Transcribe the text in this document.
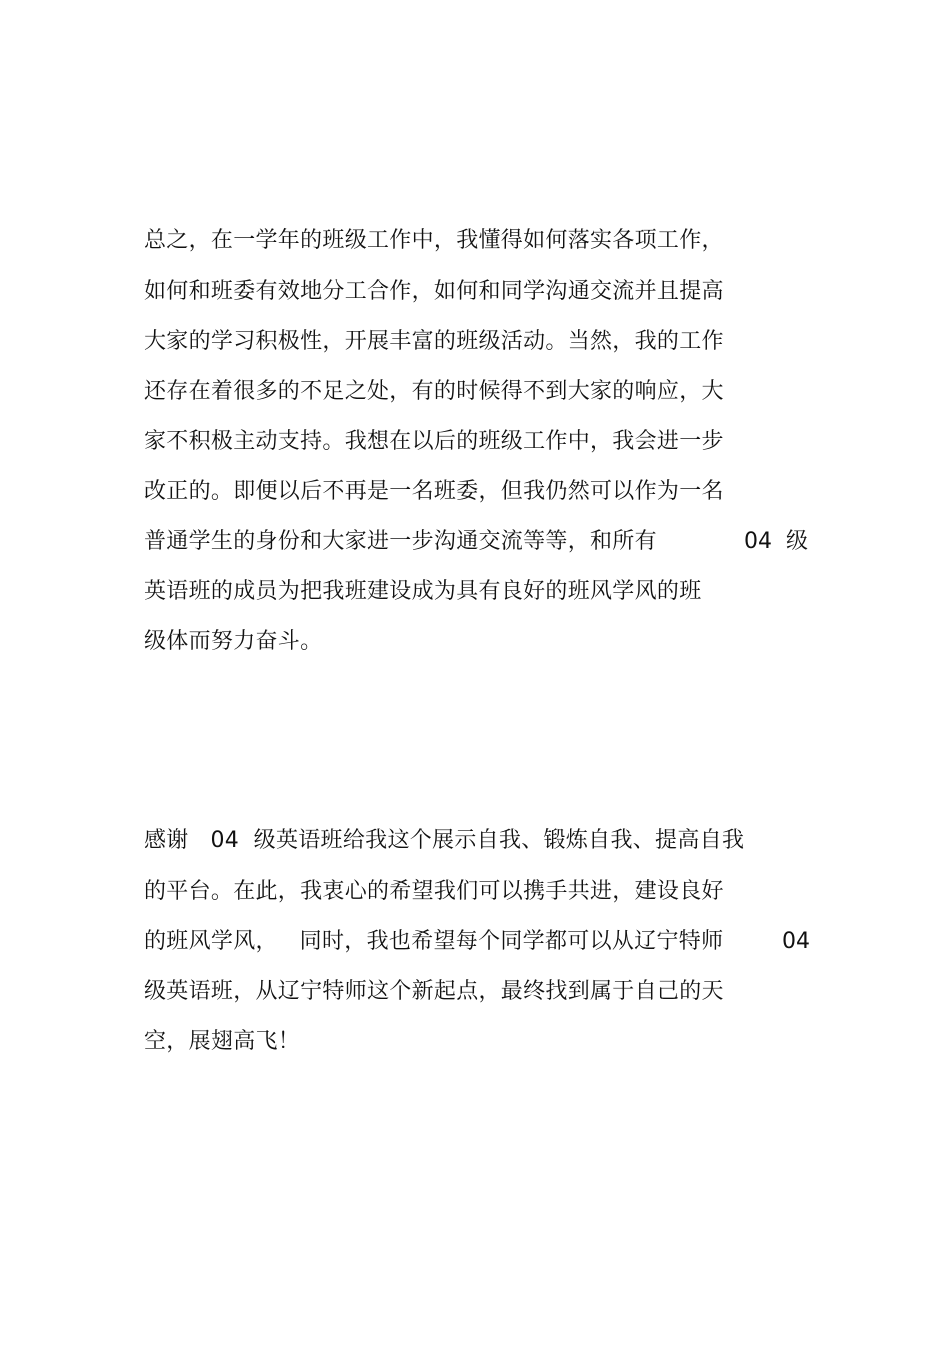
总之，在一学年的班级工作中，我懂得如何落实各项工作，
如何和班委有效地分工合作，如何和同学沟通交流并且提高
大家的学习积极性，开展丰富的班级活动。当然，我的工作
还存在着很多的不足之处，有的时候得不到大家的响应，大
家不积极主动支持。我想在以后的班级工作中，我会进一步
改正的。即便以后不再是一名班委，但我仍然可以作为一名
普通学生的身份和大家进一步沟通交流等等，和所有	04  级
英语班的成员为把我班建设成为具有良好的班风学风的班
级体而努力奋斗。
感谢   04  级英语班给我这个展示自我、锻炼自我、提高自我
的平台。在此，我衷心的希望我们可以携手共进，建设良好
的班风学风，   同时，我也希望每个同学都可以从辽宁特师	04
级英语班，从辽宁特师这个新起点，最终找到属于自己的天
空，展翅高飞！
